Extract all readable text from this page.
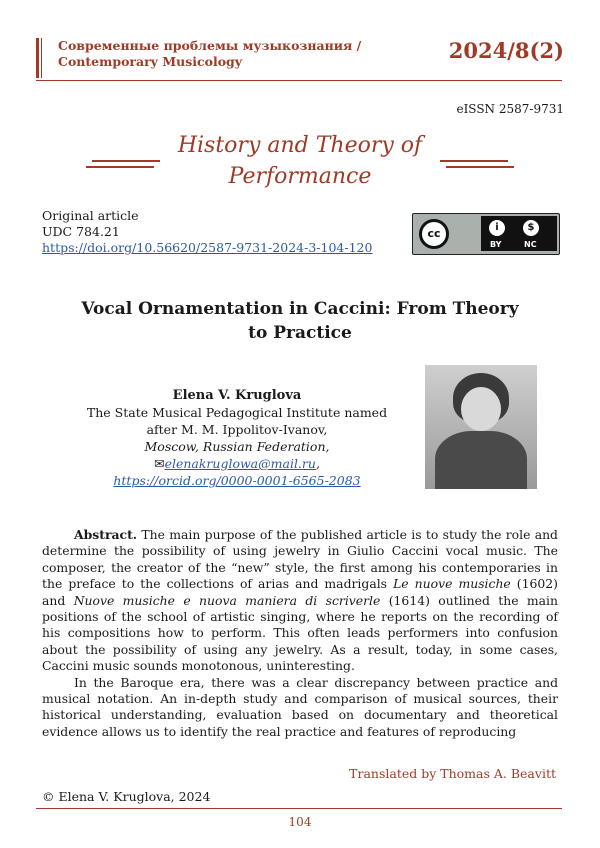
Современные проблемы музыкознания /
Contemporary Musicology	2024/8(2)
eISSN 2587-9731
History and Theory of
Performance
Original article
UDC 784.21
https://doi.org/10.56620/2587-9731-2024-3-104-120
cc	i	$
BY	NC
Vocal Ornamentation in Caccini: From Theory
to Practice
Elena V. Kruglova
The State Musical Pedagogical Institute named
after M. M. Ippolitov-Ivanov,
Moscow, Russian Federation,
✉elenakruglowa@mail.ru,
https://orcid.org/0000-0001-6565-2083

Abstract. The main purpose of the published article is to study the role and determine the possibility of using jewelry in Giulio Caccini vocal music. The composer, the creator of the “new” style, the first among his contemporaries in the preface to the collections of arias and madrigals Le nuove musiche (1602) and Nuove musiche e nuova maniera di scriverle (1614) outlined the main positions of the school of artistic singing, where he reports on the recording of his compositions how to perform. This often leads performers into confusion about the possibility of using any jewelry. As a result, today, in some cases, Caccini music sounds monotonous, uninteresting.

In the Baroque era, there was a clear discrepancy between practice and musical notation. An in-depth study and comparison of musical sources, their historical understanding, evaluation based on documentary and theoretical evidence allows us to identify the real practice and features of reproducing

Translated by Thomas A. Beavitt
© Elena V. Kruglova, 2024
104
